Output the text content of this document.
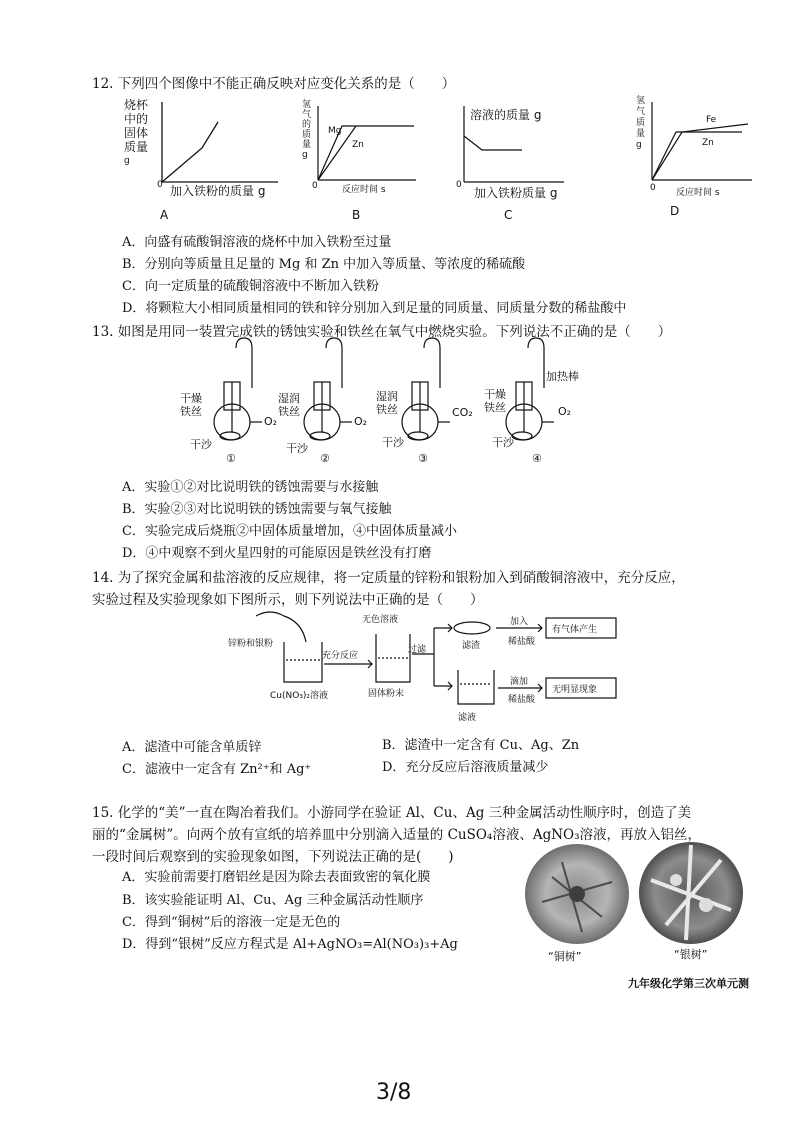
12. 下列四个图像中不能正确反映对应变化关系的是（　　）
烧杯
中的
固体
质量
g
0 加入铁粉的质量 g
A
氢
气
的
质
量
g
Mg
Zn
0	反应时间 s
B
溶液的质量 g
0
加入铁粉质量 g
C
氢
气
质
量
g
Fe
Zn
0 反应时间 s
D
A．向盛有硫酸铜溶液的烧杯中加入铁粉至过量
B．分别向等质量且足量的 Mg 和 Zn 中加入等质量、等浓度的稀硫酸
C．向一定质量的硫酸铜溶液中不断加入铁粉
D．将颗粒大小相同质量相同的铁和锌分别加入到足量的同质量、同质量分数的稀盐酸中
13. 如图是用同一装置完成铁的锈蚀实验和铁丝在氧气中燃烧实验。下列说法不正确的是（　　）
干燥
铁丝
O₂
干沙
①
湿润
铁丝
O₂
干沙
②
湿润
铁丝	CO₂
干沙
③
干燥
铁丝
加热棒
O₂
干沙
④
A．实验①②对比说明铁的锈蚀需要与水接触
B．实验②③对比说明铁的锈蚀需要与氧气接触
C．实验完成后烧瓶②中固体质量增加，④中固体质量减小
D．④中观察不到火星四射的可能原因是铁丝没有打磨
14. 为了探究金属和盐溶液的反应规律，将一定质量的锌粉和银粉加入到硝酸铜溶液中，充分反应，
实验过程及实验现象如下图所示，则下列说法中正确的是（　　）
锌粉和银粉
Cu(NO₃)₂溶液
充分反应
无色溶液
固体粉末
过滤	滤渣
滤液
加入
稀盐酸
滴加
稀盐酸
有气体产生
无明显现象
A．滤渣中可能含单质锌	B．滤渣中一定含有 Cu、Ag、Zn
C．滤液中一定含有 Zn²⁺和 Ag⁺	D．充分反应后溶液质量减少
15. 化学的“美”一直在陶冶着我们。小游同学在验证 Al、Cu、Ag 三种金属活动性顺序时，创造了美
丽的“金属树”。向两个放有宣纸的培养皿中分别滴入适量的 CuSO₄溶液、AgNO₃溶液，再放入铝丝，
一段时间后观察到的实验现象如图，下列说法正确的是(　　)
A．实验前需要打磨铝丝是因为除去表面致密的氧化膜
B．该实验能证明 Al、Cu、Ag 三种金属活动性顺序
C．得到“铜树”后的溶液一定是无色的
D．得到“银树”反应方程式是 Al+AgNO₃=Al(NO₃)₃+Ag
“铜树”	“银树”
九年级化学第三次单元测
3/8
